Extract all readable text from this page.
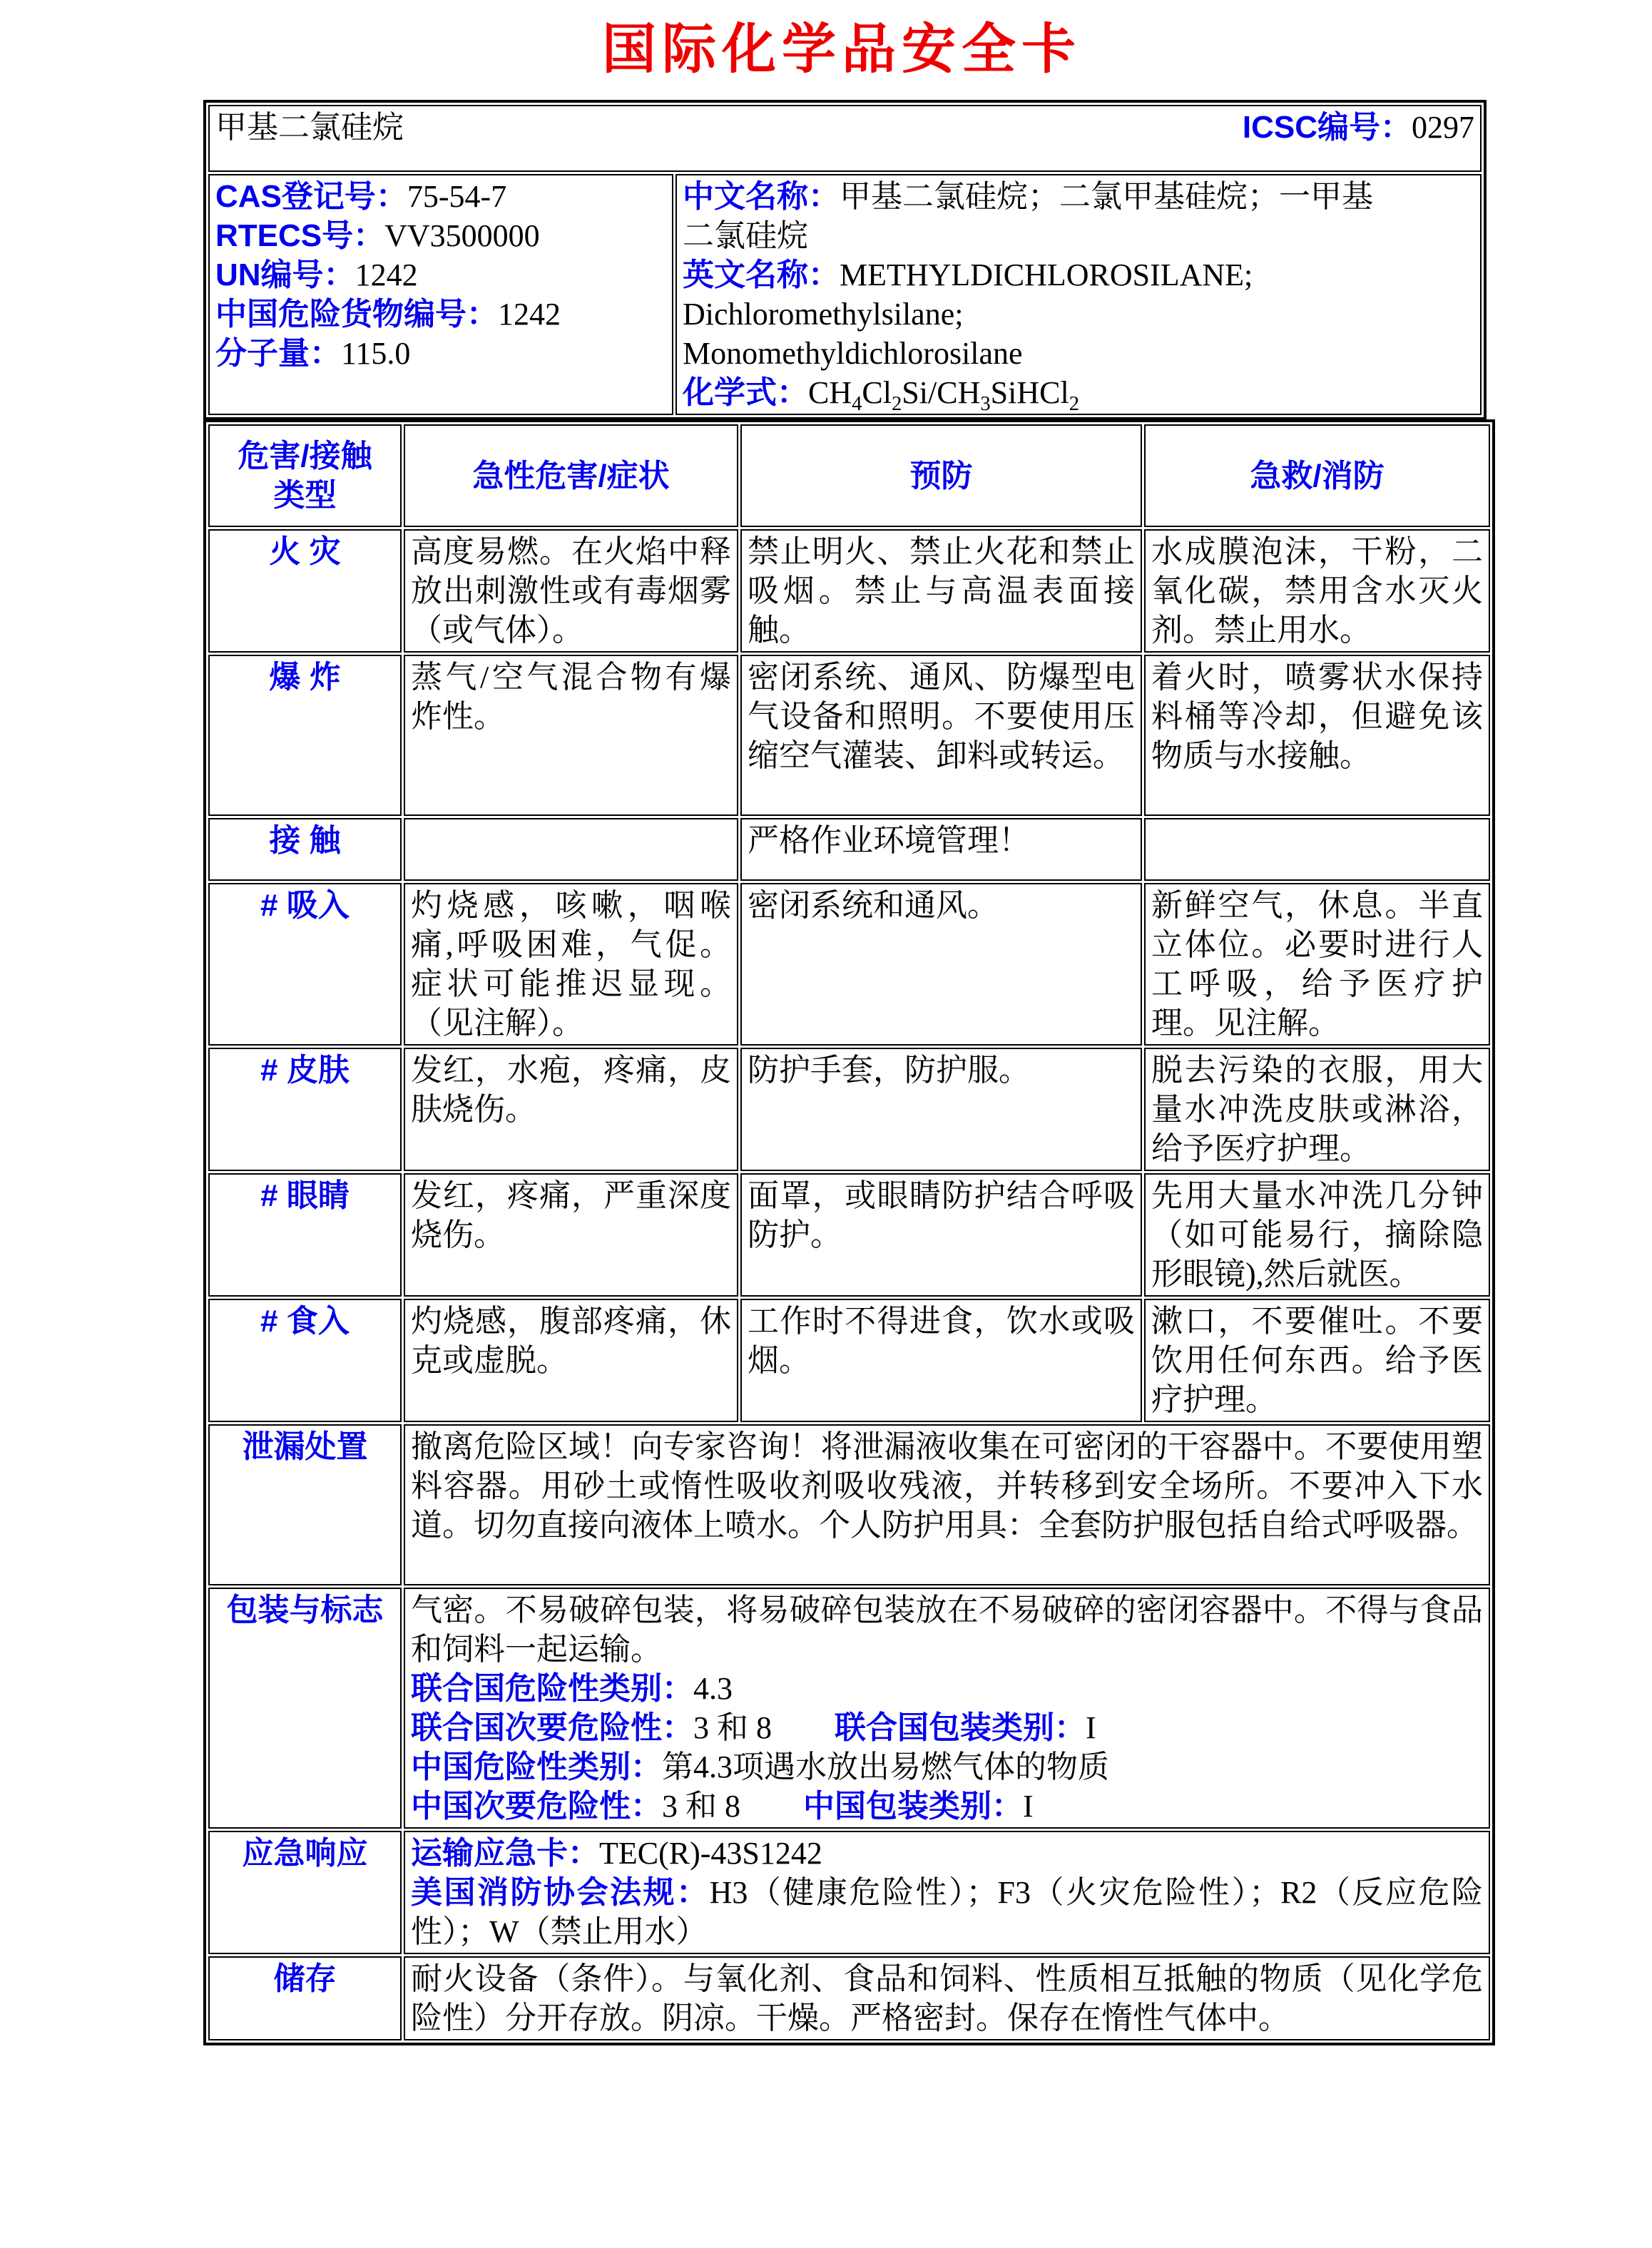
国际化学品安全卡
甲基二氯硅烷	ICSC编号：0297

CAS登记号：75-54-7
RTECS号：VV3500000
UN编号：1242
中国危险货物编号：1242
分子量：115.0
	中文名称：甲基二氯硅烷；二氯甲基硅烷；一甲基
二氯硅烷
英文名称：METHYLDICHLOROSILANE;
Dichloromethylsilane;
Monomethyldichlorosilane
化学式：$CH_4Cl_2Si/CH_3SiHCl_2$
危害/接触
类型	急性危害/症状	预防	急救/消防
火 灾	高度易燃。在火焰中释放出刺激性或有毒烟雾（或气体）。	禁止明火、禁止火花和禁止吸烟。禁止与高温表面接触。	水成膜泡沫，干粉，二氧化碳，禁用含水灭火剂。禁止用水。
爆 炸	蒸气/空气混合物有爆炸性。	密闭系统、通风、防爆型电气设备和照明。不要使用压缩空气灌装、卸料或转运。	着火时，喷雾状水保持料桶等冷却，但避免该物质与水接触。
接 触		严格作业环境管理！	
# 吸入	灼烧感，咳嗽，咽喉痛,呼吸困难，气促。症状可能推迟显现。（见注解）。	密闭系统和通风。	新鲜空气，休息。半直立体位。必要时进行人工呼吸，给予医疗护理。见注解。
# 皮肤	发红，水疱，疼痛，皮肤烧伤。	防护手套，防护服。	脱去污染的衣服，用大量水冲洗皮肤或淋浴，给予医疗护理。
# 眼睛	发红，疼痛，严重深度烧伤。	面罩，或眼睛防护结合呼吸防护。	先用大量水冲洗几分钟（如可能易行，摘除隐形眼镜),然后就医。
# 食入	灼烧感，腹部疼痛，休克或虚脱。	工作时不得进食，饮水或吸烟。	漱口，不要催吐。不要饮用任何东西。给予医疗护理。
泄漏处置	撤离危险区域！向专家咨询！将泄漏液收集在可密闭的干容器中。不要使用塑料容器。用砂土或惰性吸收剂吸收残液，并转移到安全场所。不要冲入下水道。切勿直接向液体上喷水。个人防护用具：全套防护服包括自给式呼吸器。		
包装与标志	气密。不易破碎包装，将易破碎包装放在不易破碎的密闭容器中。不得与食品和饲料一起运输。
联合国危险性类别：4.3
联合国次要危险性：3 和 8　　联合国包装类别：I
中国危险性类别：第4.3项遇水放出易燃气体的物质
中国次要危险性：3 和 8　　中国包装类别：I		
应急响应	运输应急卡：TEC(R)-43S1242
美国消防协会法规：H3（健康危险性）；F3（火灾危险性）；R2（反应危险性）；W（禁止用水）		
储存	耐火设备（条件）。与氧化剂、食品和饲料、性质相互抵触的物质（见化学危险性）分开存放。阴凉。干燥。严格密封。保存在惰性气体中。		
